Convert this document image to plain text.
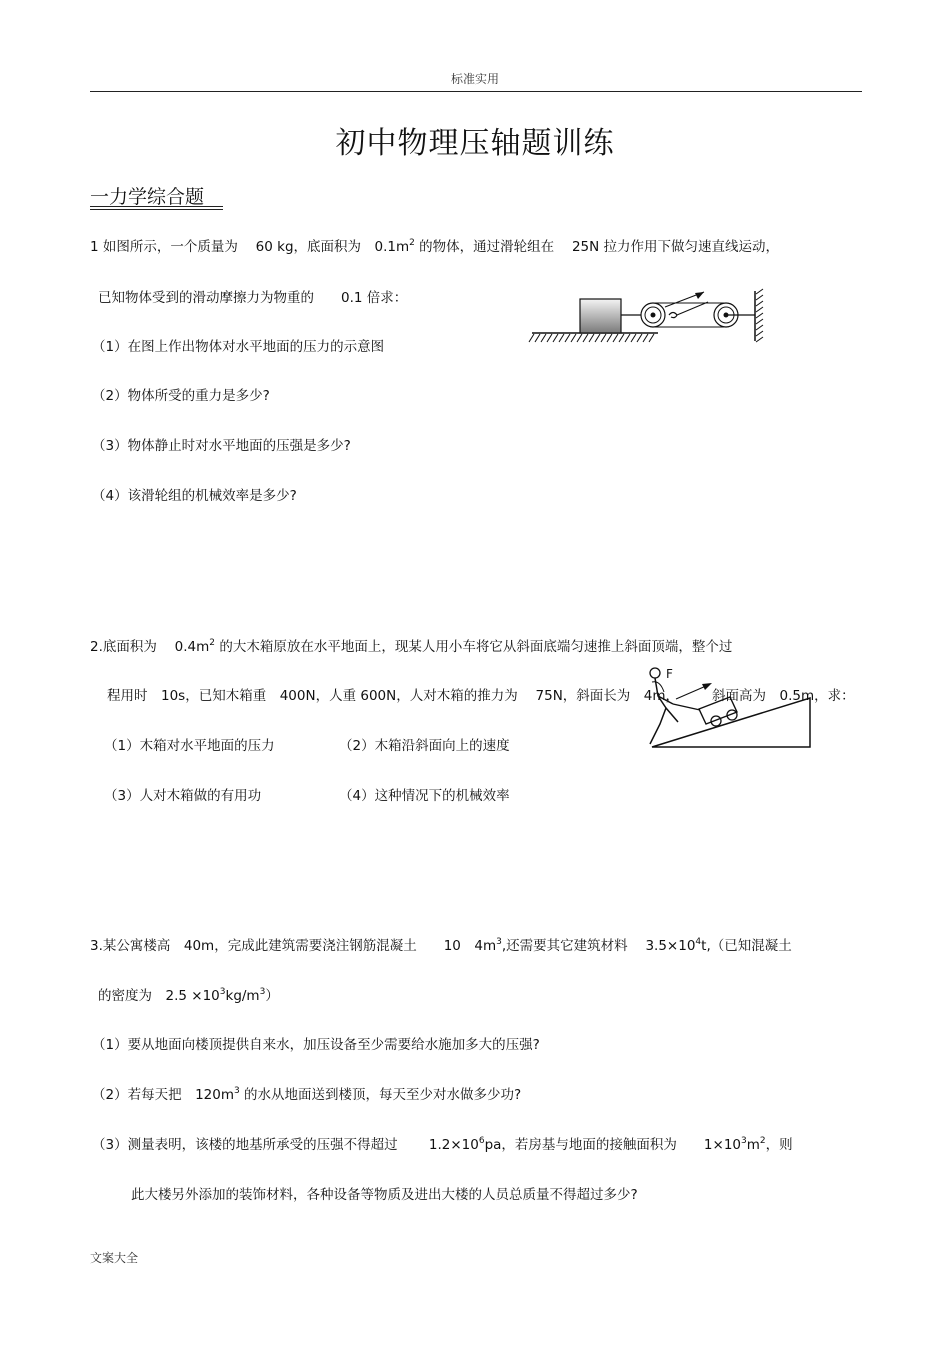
标准实用
初中物理压轴题训练
一力学综合题
1 如图所示，一个质量为　 60 kg，底面积为　$0.1m^2$ 的物体，通过滑轮组在　 25N 拉力作用下做匀速直线运动，
已知物体受到的滑动摩擦力为物重的　　0.1 倍求：
（1）在图上作出物体对水平地面的压力的示意图
（2）物体所受的重力是多少?
（3）物体静止时对水平地面的压强是多少?
（4）该滑轮组的机械效率是多少?
2.底面积为　 $0.4m^2$ 的大木箱原放在水平地面上，现某人用小车将它从斜面底端匀速推上斜面顶端，整个过
程用时　10s，已知木箱重　400N，人重 600N，人对木箱的推力为　 75N，斜面长为　4m， 斜面高为　0.5m，求：
（1）木箱对水平地面的压力	（2）木箱沿斜面向上的速度
（3）人对木箱做的有用功	（4）这种情况下的机械效率
F
3.某公寓楼高　40m，完成此建筑需要浇注钢筋混凝土　　10　$4m^3$,还需要其它建筑材料　 $3.5\times 10^4t$,（已知混凝土
的密度为　$2.5 \times 10^3kg/m^3$）
（1）要从地面向楼顶提供自来水，加压设备至少需要给水施加多大的压强?
（2）若每天把　$120m^3$ 的水从地面送到楼顶，每天至少对水做多少功?
（3）测量表明，该楼的地基所承受的压强不得超过　　 $1.2\times 10^6pa$，若房基与地面的接触面积为　　$1\times 10^3m^2$，则
此大楼另外添加的装饰材料，各种设备等物质及进出大楼的人员总质量不得超过多少?
文案大全
